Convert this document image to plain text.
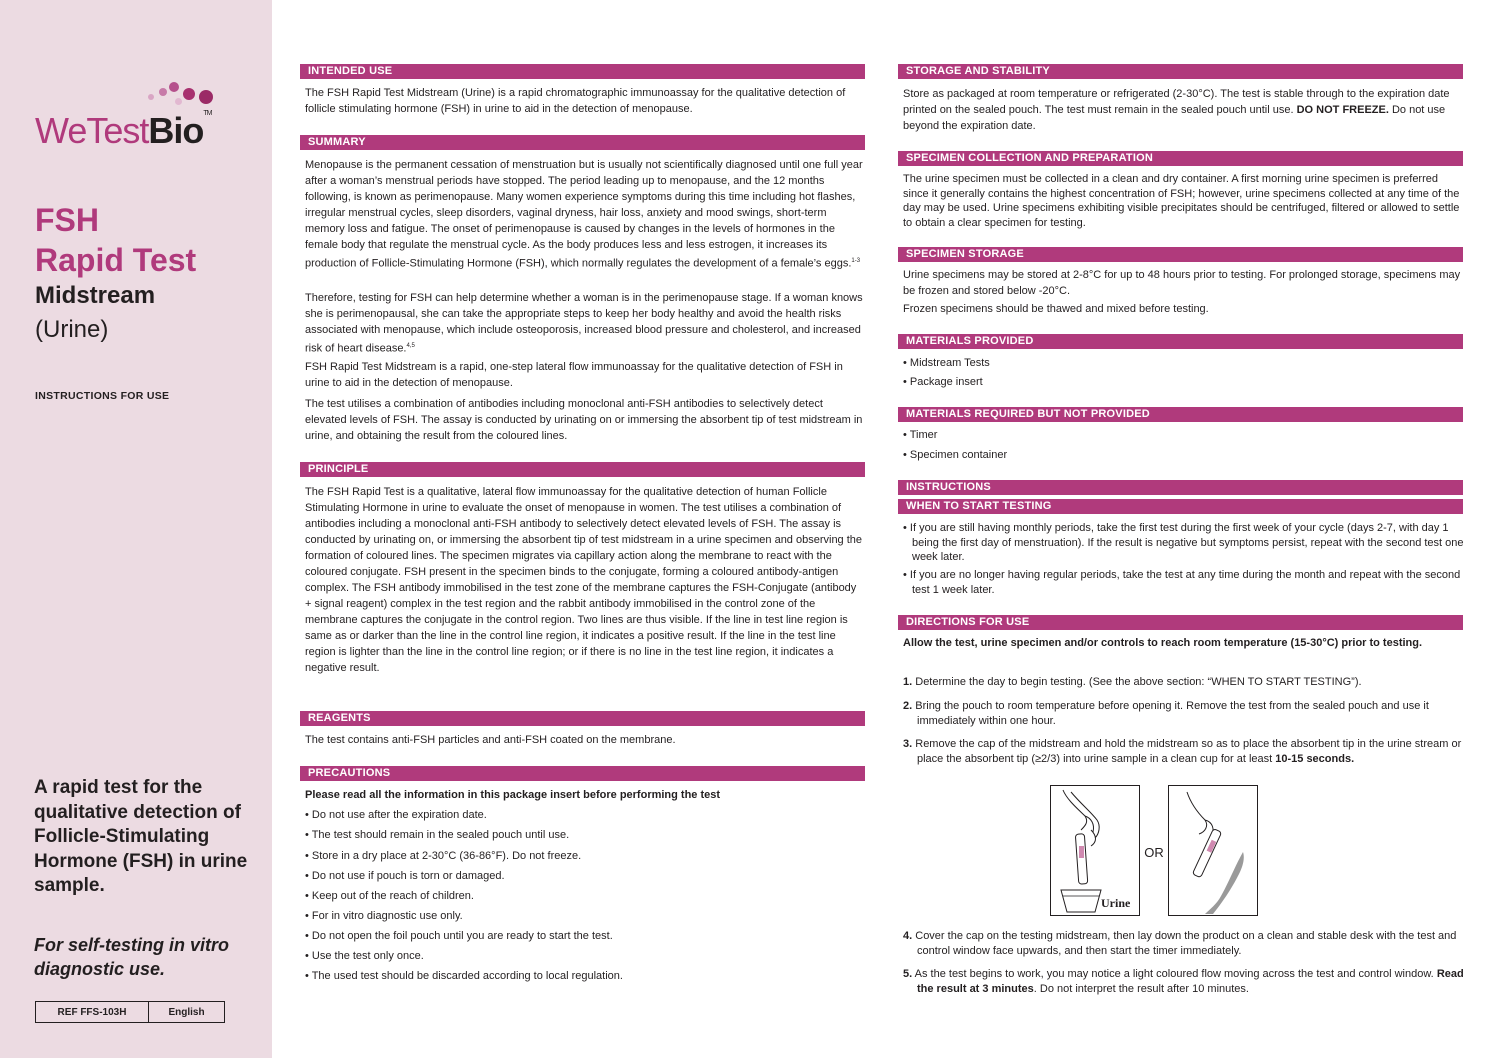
WeTestBio™
FSH
Rapid Test
Midstream
(Urine)
INSTRUCTIONS FOR USE
A rapid test for the qualitative detection of Follicle-Stimulating Hormone (FSH) in urine sample.
For self-testing in vitro diagnostic use.
REF FFS-103H	English
INTENDED USE
The FSH Rapid Test Midstream (Urine) is a rapid chromatographic immunoassay for the qualitative detection of follicle stimulating hormone (FSH) in urine to aid in the detection of menopause.
SUMMARY
Menopause is the permanent cessation of menstruation but is usually not scientifically diagnosed until one full year after a woman’s menstrual periods have stopped. The period leading up to menopause, and the 12 months following, is known as perimenopause. Many women experience symptoms during this time including hot flashes, irregular menstrual cycles, sleep disorders, vaginal dryness, hair loss, anxiety and mood swings, short-term memory loss and fatigue. The onset of perimenopause is caused by changes in the levels of hormones in the female body that regulate the menstrual cycle. As the body produces less and less estrogen, it increases its production of Follicle-Stimulating Hormone (FSH), which normally regulates the development of a female’s eggs.$^{1-3}$
Therefore, testing for FSH can help determine whether a woman is in the perimenopause stage. If a woman knows she is perimenopausal, she can take the appropriate steps to keep her body healthy and avoid the health risks associated with menopause, which include osteoporosis, increased blood pressure and cholesterol, and increased risk of heart disease.$^{4,5}$
FSH Rapid Test Midstream is a rapid, one-step lateral flow immunoassay for the qualitative detection of FSH in urine to aid in the detection of menopause.
The test utilises a combination of antibodies including monoclonal anti-FSH antibodies to selectively detect elevated levels of FSH. The assay is conducted by urinating on or immersing the absorbent tip of test midstream in urine, and obtaining the result from the coloured lines.
PRINCIPLE
The FSH Rapid Test is a qualitative, lateral flow immunoassay for the qualitative detection of human Follicle Stimulating Hormone in urine to evaluate the onset of menopause in women. The test utilises a combination of antibodies including a monoclonal anti-FSH antibody to selectively detect elevated levels of FSH. The assay is conducted by urinating on, or immersing the absorbent tip of test midstream in a urine specimen and observing the formation of coloured lines. The specimen migrates via capillary action along the membrane to react with the coloured conjugate. FSH present in the specimen binds to the conjugate, forming a coloured antibody-antigen complex. The FSH antibody immobilised in the test zone of the membrane captures the FSH-Conjugate (antibody + signal reagent) complex in the test region and the rabbit antibody immobilised in the control zone of the membrane captures the conjugate in the control region. Two lines are thus visible. If the line in test line region is same as or darker than the line in the control line region, it indicates a positive result. If the line in the test line region is lighter than the line in the control line region; or if there is no line in the test line region, it indicates a negative result.
REAGENTS
The test contains anti-FSH particles and anti-FSH coated on the membrane.
PRECAUTIONS
Please read all the information in this package insert before performing the test
• Do not use after the expiration date.
• The test should remain in the sealed pouch until use.
• Store in a dry place at 2-30°C (36-86°F). Do not freeze.
• Do not use if pouch is torn or damaged.
• Keep out of the reach of children.
• For in vitro diagnostic use only.
• Do not open the foil pouch until you are ready to start the test.
• Use the test only once.
• The used test should be discarded according to local regulation.
STORAGE AND STABILITY
Store as packaged at room temperature or refrigerated (2-30°C). The test is stable through to the expiration date printed on the sealed pouch. The test must remain in the sealed pouch until use. DO NOT FREEZE. Do not use beyond the expiration date.
SPECIMEN COLLECTION AND PREPARATION
The urine specimen must be collected in a clean and dry container. A first morning urine specimen is preferred since it generally contains the highest concentration of FSH; however, urine specimens collected at any time of the day may be used. Urine specimens exhibiting visible precipitates should be centrifuged, filtered or allowed to settle to obtain a clear specimen for testing.
SPECIMEN STORAGE
Urine specimens may be stored at 2-8°C for up to 48 hours prior to testing. For prolonged storage, specimens may be frozen and stored below -20°C.
Frozen specimens should be thawed and mixed before testing.
MATERIALS PROVIDED
• Midstream Tests
• Package insert
MATERIALS REQUIRED BUT NOT PROVIDED
• Timer
• Specimen container
INSTRUCTIONS
WHEN TO START TESTING
• If you are still having monthly periods, take the first test during the first week of your cycle (days 2-7, with day 1 being the first day of menstruation). If the result is negative but symptoms persist, repeat with the second test one week later.
• If you are no longer having regular periods, take the test at any time during the month and repeat with the second test 1 week later.
DIRECTIONS FOR USE
Allow the test, urine specimen and/or controls to reach room temperature (15-30°C) prior to testing.
1. Determine the day to begin testing. (See the above section: “WHEN TO START TESTING”).
2. Bring the pouch to room temperature before opening it. Remove the test from the sealed pouch and use it immediately within one hour.
3. Remove the cap of the midstream and hold the midstream so as to place the absorbent tip in the urine stream or place the absorbent tip (≥2/3) into urine sample in a clean cup for at least 10-15 seconds.
Urine
OR
4. Cover the cap on the testing midstream, then lay down the product on a clean and stable desk with the test and control window face upwards, and then start the timer immediately.
5. As the test begins to work, you may notice a light coloured flow moving across the test and control window. Read the result at 3 minutes. Do not interpret the result after 10 minutes.
